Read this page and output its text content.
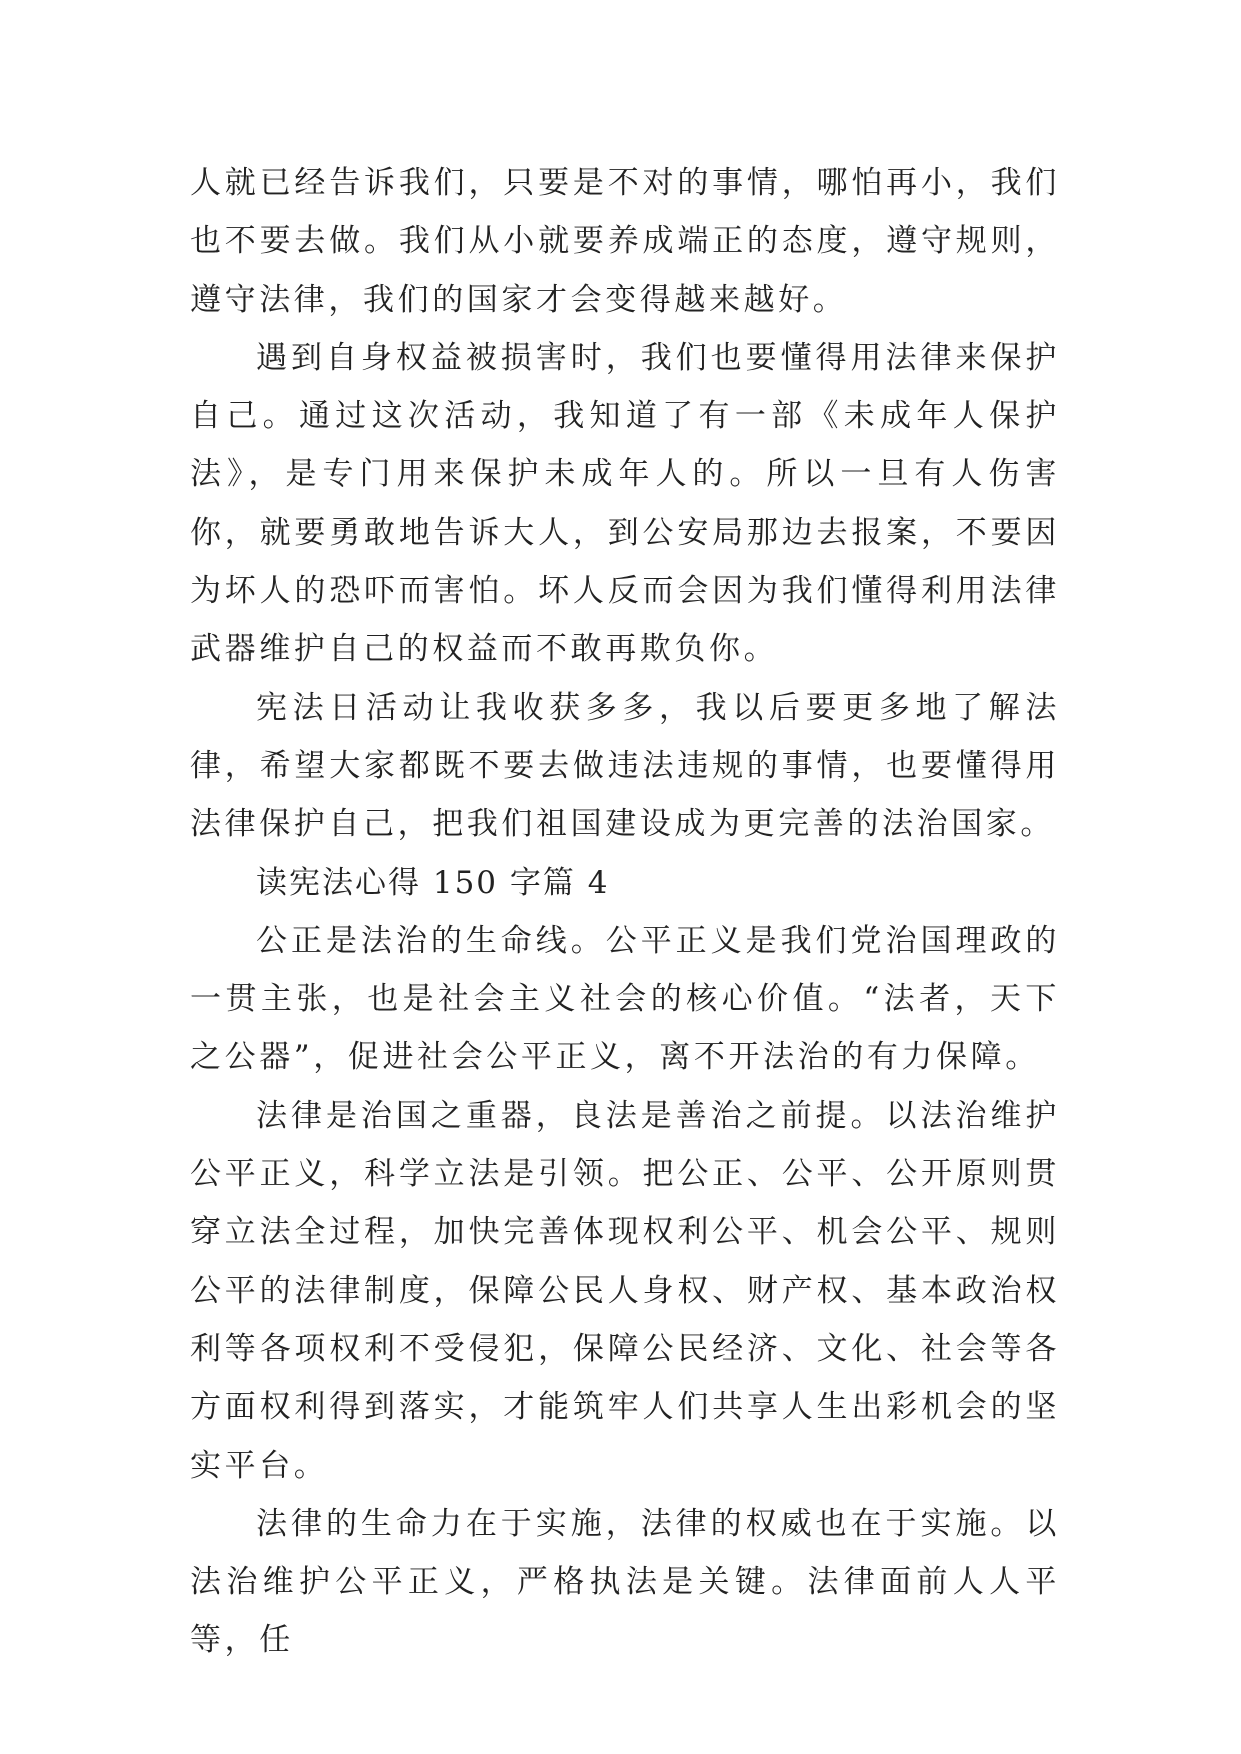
人就已经告诉我们，只要是不对的事情，哪怕再小，我们也不要去做。我们从小就要养成端正的态度，遵守规则，遵守法律，我们的国家才会变得越来越好。

遇到自身权益被损害时，我们也要懂得用法律来保护自己。通过这次活动，我知道了有一部《未成年人保护法》，是专门用来保护未成年人的。所以一旦有人伤害你，就要勇敢地告诉大人，到公安局那边去报案，不要因为坏人的恐吓而害怕。坏人反而会因为我们懂得利用法律武器维护自己的权益而不敢再欺负你。

宪法日活动让我收获多多，我以后要更多地了解法律，希望大家都既不要去做违法违规的事情，也要懂得用法律保护自己，把我们祖国建设成为更完善的法治国家。

读宪法心得 150 字篇 4

公正是法治的生命线。公平正义是我们党治国理政的一贯主张，也是社会主义社会的核心价值。“法者，天下之公器”，促进社会公平正义，离不开法治的有力保障。

法律是治国之重器，良法是善治之前提。以法治维护公平正义，科学立法是引领。把公正、公平、公开原则贯穿立法全过程，加快完善体现权利公平、机会公平、规则公平的法律制度，保障公民人身权、财产权、基本政治权利等各项权利不受侵犯，保障公民经济、文化、社会等各方面权利得到落实，才能筑牢人们共享人生出彩机会的坚实平台。

法律的生命力在于实施，法律的权威也在于实施。以法治维护公平正义，严格执法是关键。法律面前人人平等，任
